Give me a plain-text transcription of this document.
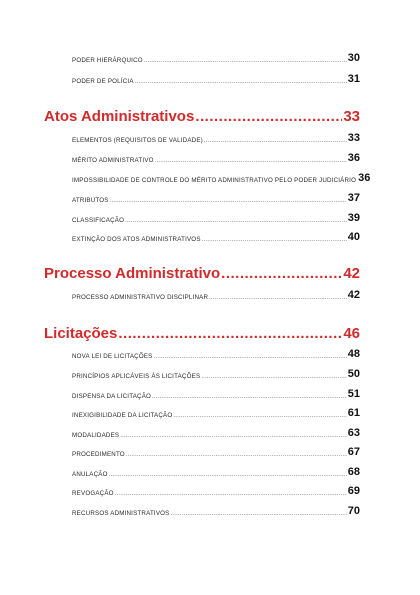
PODER HIERÁRQUICO .....	30
PODER DE POLÍCIA .....	31
Atos Administrativos .....	33
ELEMENTOS (REQUISITOS DE VALIDADE) .....	33
MÉRITO ADMINISTRATIVO .....	36
IMPOSSIBILIDADE DE CONTROLE DO MÉRITO ADMINISTRATIVO PELO PODER JUDICIÁRIO 36
ATRIBUTOS .....	37
CLASSIFICAÇÃO .....	39
EXTINÇÃO DOS ATOS ADMINISTRATIVOS .....	40
Processo Administrativo .....	42
PROCESSO ADMINISTRATIVO DISCIPLINAR .....	42
Licitações .....	46
NOVA LEI DE LICITAÇÕES .....	48
PRINCÍPIOS APLICÁVEIS ÀS LICITAÇÕES .....	50
DISPENSA DA LICITAÇÃO .....	51
INEXIGIBILIDADE DA LICITAÇÃO .....	61
MODALIDADES .....	63
PROCEDIMENTO .....	67
ANULAÇÃO .....	68
REVOGAÇÃO .....	69
RECURSOS ADMINISTRATIVOS .....	70
